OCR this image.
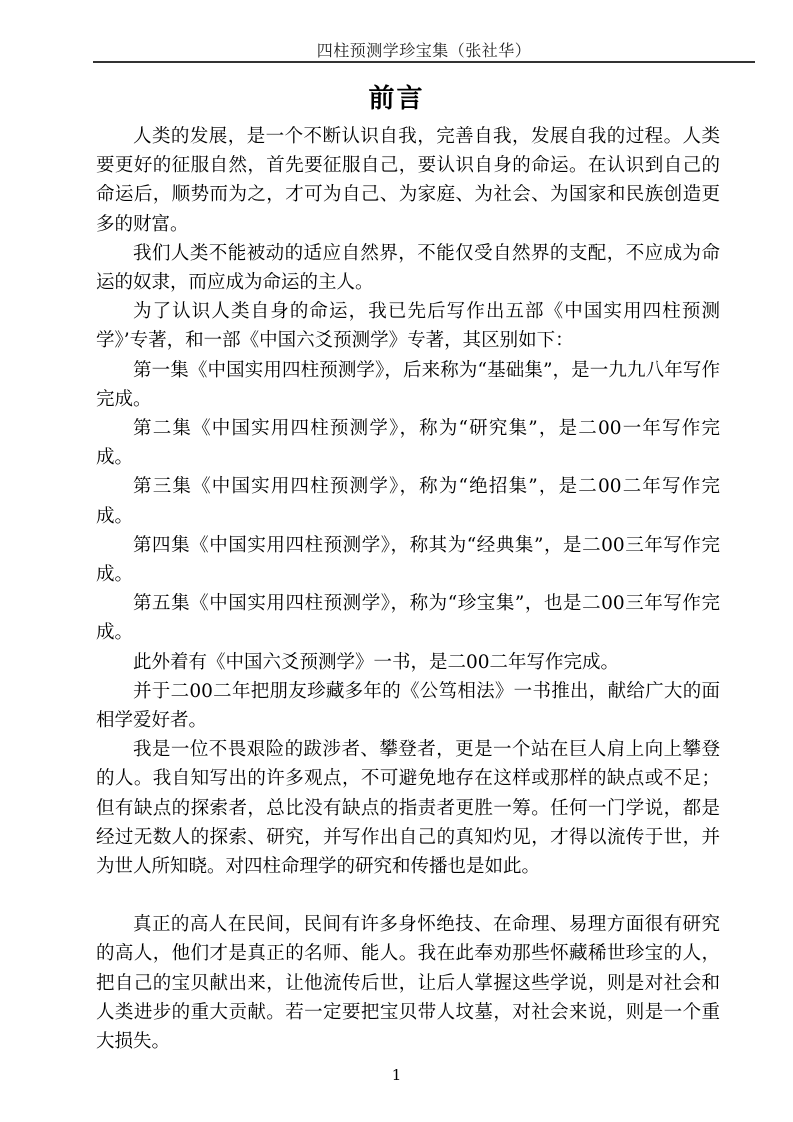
四柱预测学珍宝集（张社华）
前言

人类的发展，是一个不断认识自我，完善自我，发展自我的过程。人类要更好的征服自然，首先要征服自己，要认识自身的命运。在认识到自己的命运后，顺势而为之，才可为自己、为家庭、为社会、为国家和民族创造更多的财富。

我们人类不能被动的适应自然界，不能仅受自然界的支配，不应成为命运的奴隶，而应成为命运的主人。

为了认识人类自身的命运，我已先后写作出五部《中国实用四柱预测学》’专著，和一部《中国六爻预测学》专著，其区别如下：

第一集《中国实用四柱预测学》，后来称为“基础集”，是一九九八年写作完成。

第二集《中国实用四柱预测学》，称为“研究集”，是二00一年写作完成。

第三集《中国实用四柱预测学》，称为“绝招集”，是二00二年写作完成。

第四集《中国实用四柱预测学》，称其为“经典集”，是二00三年写作完成。

第五集《中国实用四柱预测学》，称为“珍宝集”，也是二00三年写作完成。

此外着有《中国六爻预测学》一书，是二00二年写作完成。

并于二00二年把朋友珍藏多年的《公笃相法》一书推出，献给广大的面相学爱好者。

我是一位不畏艰险的跋涉者、攀登者，更是一个站在巨人肩上向上攀登的人。我自知写出的许多观点，不可避免地存在这样或那样的缺点或不足；但有缺点的探索者，总比没有缺点的指责者更胜一筹。任何一门学说，都是经过无数人的探索、研究，并写作出自己的真知灼见，才得以流传于世，并为世人所知晓。对四柱命理学的研究和传播也是如此。

真正的高人在民间，民间有许多身怀绝技、在命理、易理方面很有研究的高人，他们才是真正的名师、能人。我在此奉劝那些怀藏稀世珍宝的人，把自己的宝贝献出来，让他流传后世，让后人掌握这些学说，则是对社会和人类进步的重大贡献。若一定要把宝贝带人坟墓，对社会来说，则是一个重大损失。

1
